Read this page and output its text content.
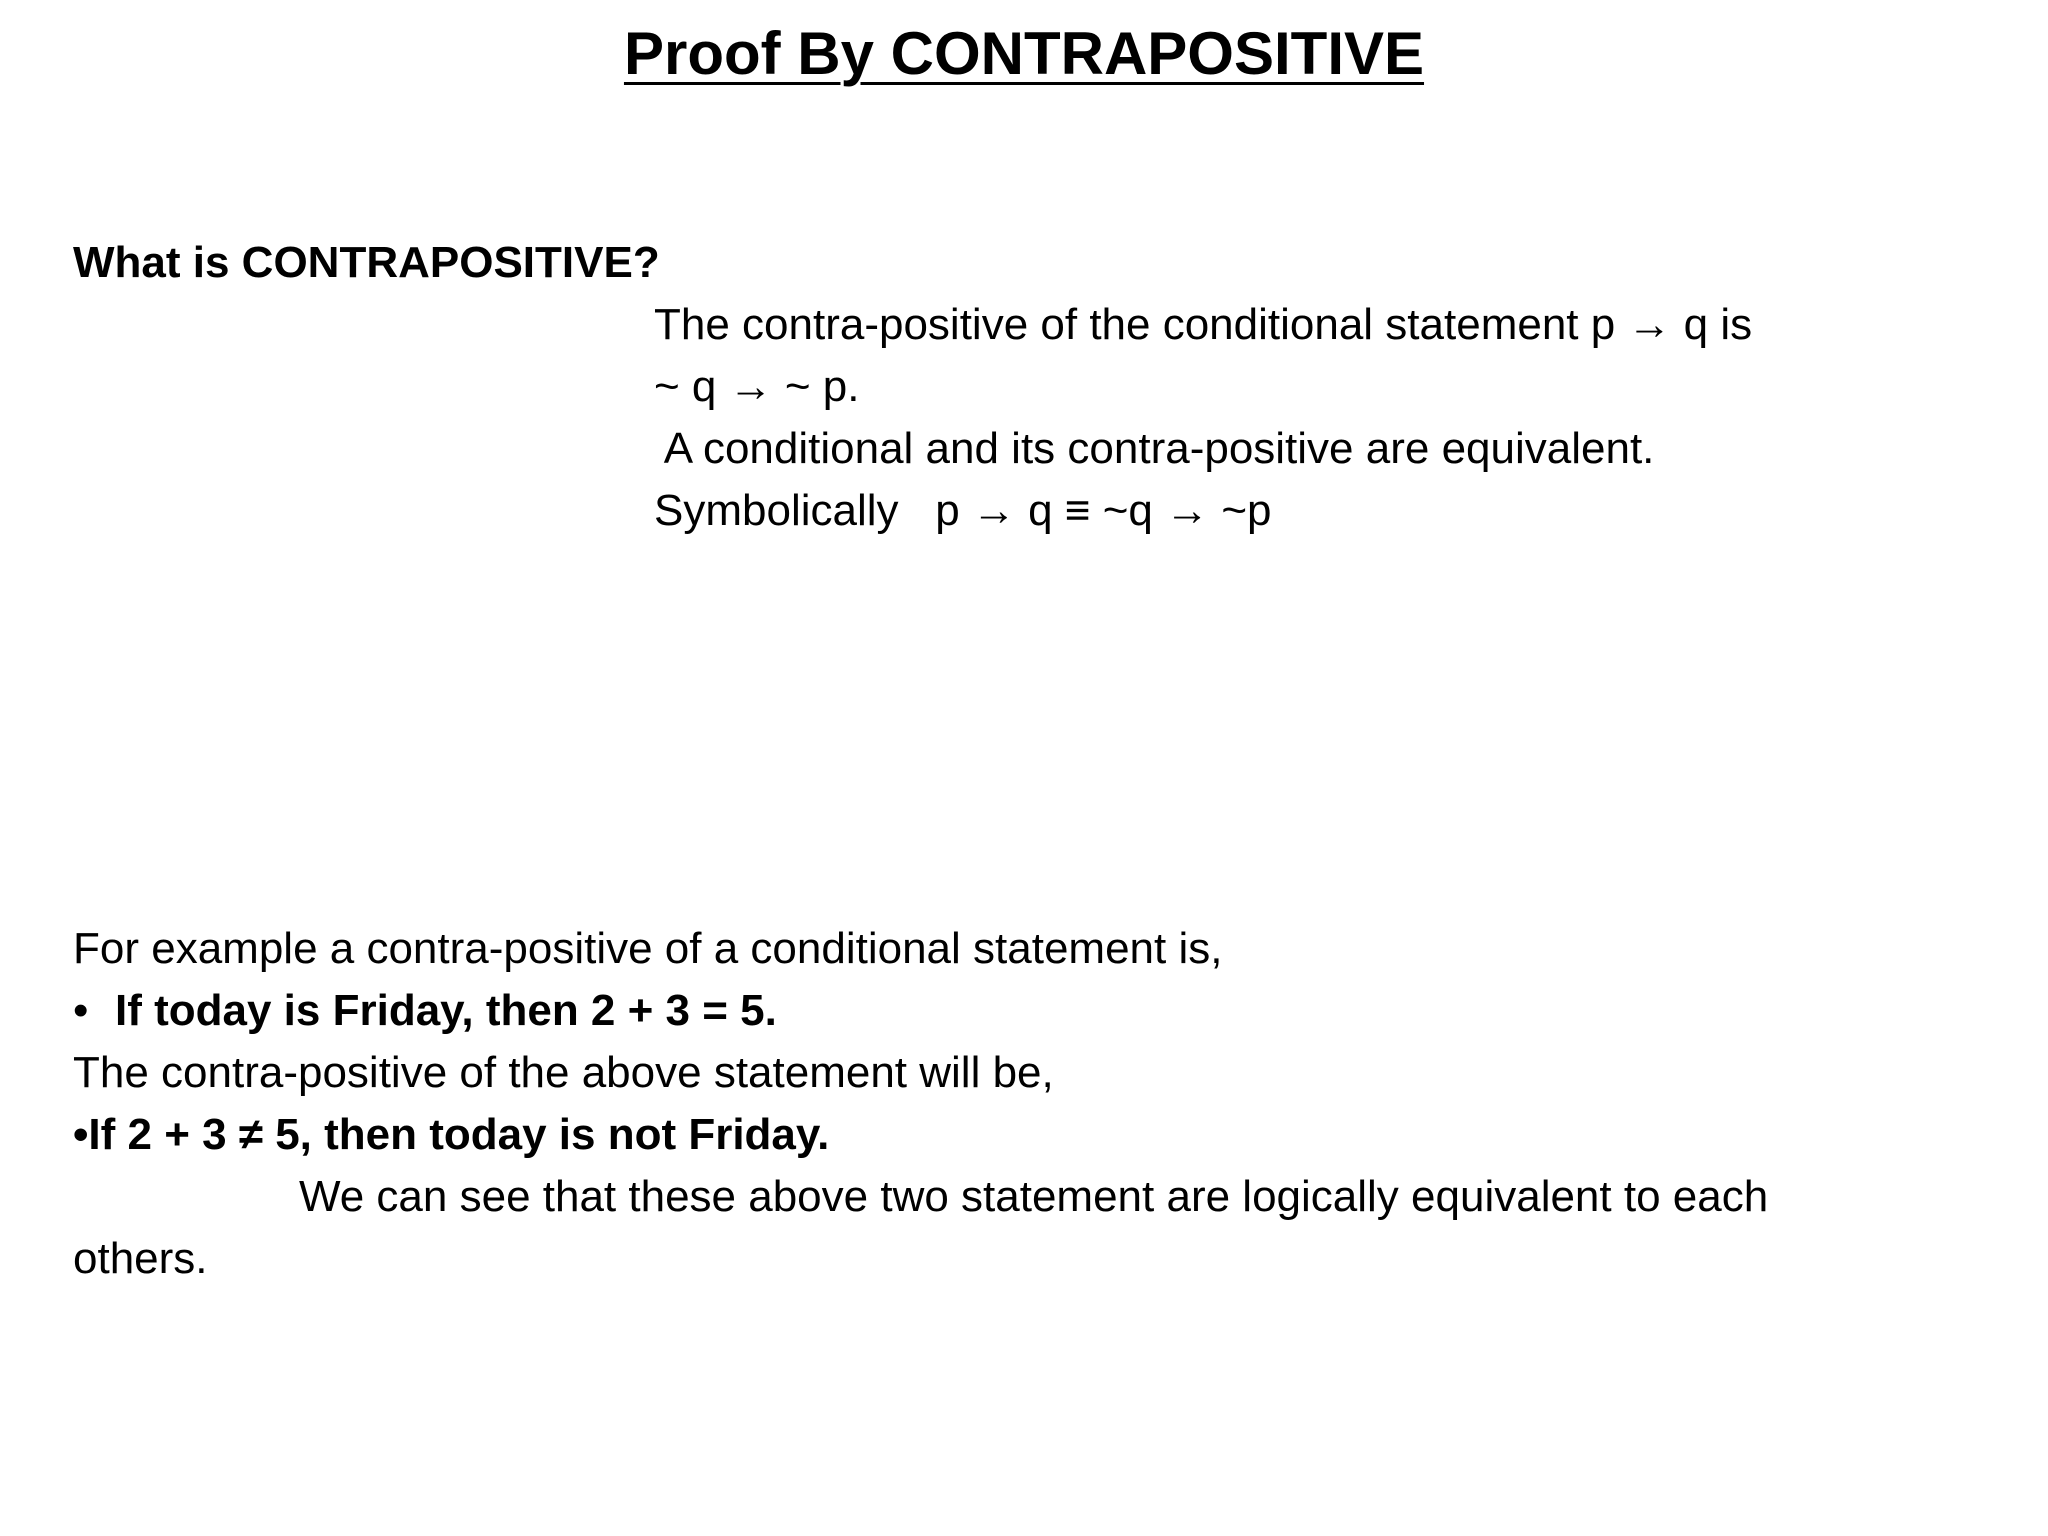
Proof By CONTRAPOSITIVE
What is CONTRAPOSITIVE?
The contra-positive of the conditional statement p → q is
~ q → ~ p.
A conditional and its contra-positive are equivalent.
Symbolically   p → q ≡ ~q → ~p
For example a contra-positive of a conditional statement is,
• If today is Friday, then 2 + 3 = 5.
The contra-positive of the above statement will be,
•If 2 + 3 ≠ 5, then today is not Friday.
We can see that these above two statement are logically equivalent to each
others.
